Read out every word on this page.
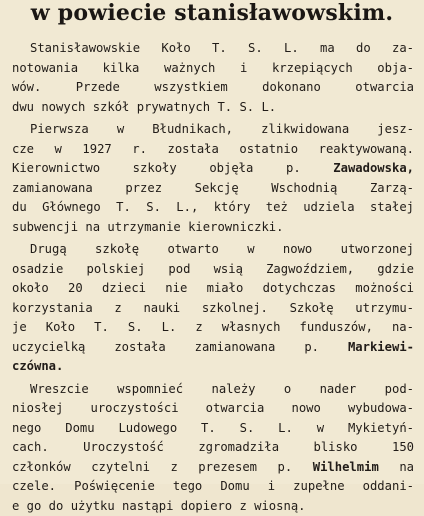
w powiecie stanisławowskim.
Stanisławowskie Koło T. S. L. ma do za-
notowania kilka ważnych i krzepiących obja-
wów. Przede wszystkiem dokonano otwarcia
dwu nowych szkół prywatnych T. S. L.
Pierwsza w Błudnikach, zlikwidowana jesz-
cze w 1927 r. została ostatnio reaktywowaną.
Kierownictwo szkoły objęła p. Zawadowska,
zamianowana przez Sekcję Wschodnią Zarzą-
du Głównego T. S. L., który też udziela stałej
subwencji na utrzymanie kierowniczki.
Drugą szkołę otwarto w nowo utworzonej
osadzie polskiej pod wsią Zagwoździem, gdzie
około 20 dzieci nie miało dotychczas możności
korzystania z nauki szkolnej. Szkołę utrzymu-
je Koło T. S. L. z własnych funduszów, na-
uczycielką została zamianowana p. Markiewi-
czówna.
Wreszcie wspomnieć należy o nader pod-
niosłej uroczystości otwarcia nowo wybudowa-
nego Domu Ludowego T. S. L. w Mykietyń-
cach. Uroczystość zgromadziła blisko 150
członków czytelni z prezesem p. Wilhelmim na
czele. Poświęcenie tego Domu i zupełne oddani-
e go do użytku nastąpi dopiero z wiosną.
